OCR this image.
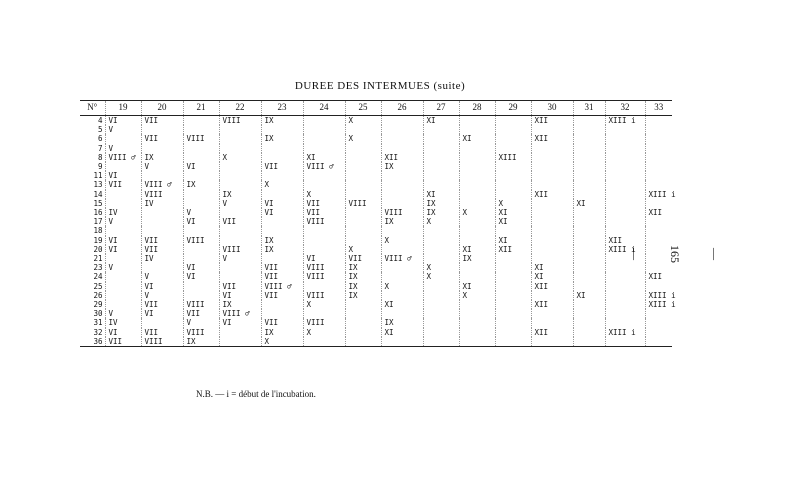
DUREE DES INTERMUES (suite)
N°	19	20	21	22	23	24	25	26	27	28	29	30	31	32	33
4	VI	VII		VIII	IX		X		XI			XII		XIII i	
5	V														
6		VII	VIII		IX		X			XI		XII			
7	V														
8	VIII ♂	IX		X		XI		XII			XIII				
9		V	VI		VII	VIII ♂		IX							
11	VI														
13	VII	VIII ♂	IX		X										
14		VIII		IX		X			XI			XII			XIII i
15		IV		V	VI	VII	VIII		IX		X		XI		
16	IV		V		VI	VII		VIII	IX	X	XI				XII
17	V		VI	VII		VIII		IX	X		XI				
18															
19	VI	VII	VIII		IX			X			XI			XII	
20	VI	VII		VIII	IX		X			XI	XII			XIII i	
21		IV		V		VI	VII	VIII ♂		IX					
23	V		VI		VII	VIII	IX		X			XI			
24		V	VI		VII	VIII	IX		X			XI			XII
25		VI		VII	VIII ♂		IX	X		XI		XII			
26		V		VI	VII	VIII	IX			X			XI		XIII i
29		VII	VIII	IX		X		XI				XII			XIII i
30	V	VI	VII	VIII ♂											
31	IV		V	VI	VII	VIII		IX							
32	VI	VII	VIII		IX	X		XI				XII		XIII i	
36	VII	VIII	IX		X										
N.B. — i = début de l'incubation.
— 165 —
